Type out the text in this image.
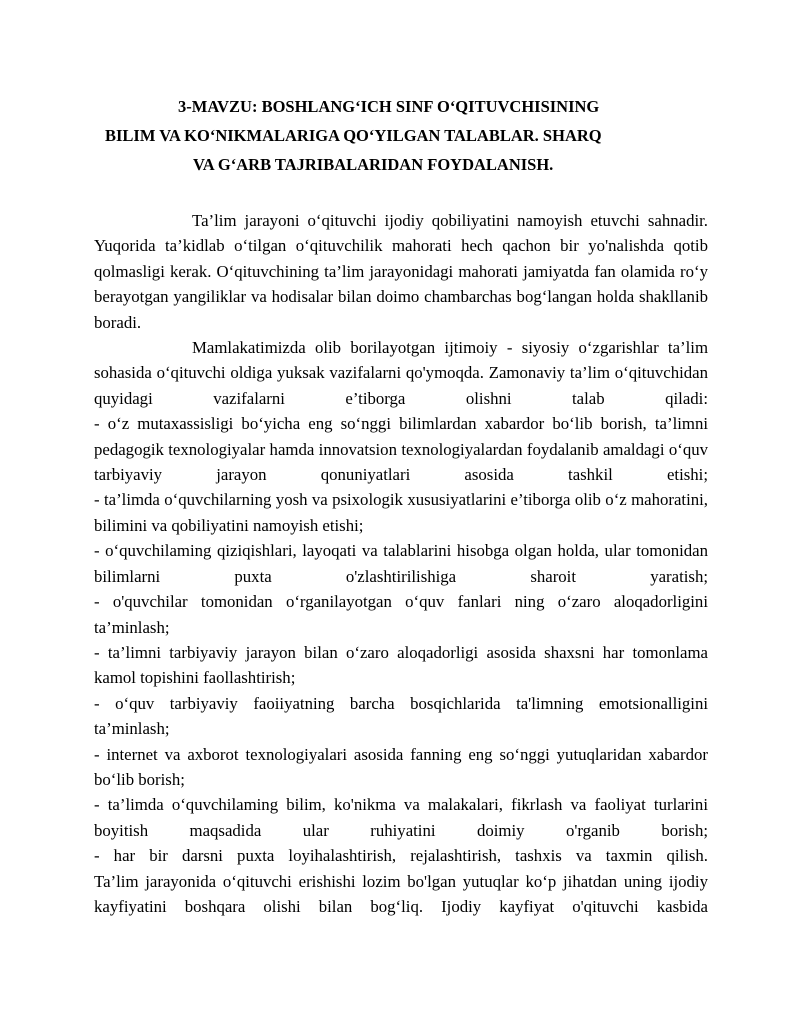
3-MAVZU: BOSHLANG‘ICH SINF O‘QITUVCHISINING
BILIM VA KO‘NIKMALARIGA QO‘YILGAN TALABLAR. SHARQ
VA G‘ARB TAJRIBALARIDAN FOYDALANISH.

Ta’lim jarayoni o‘qituvchi ijodiy qobiliyatini namoyish etuvchi sahnadir. Yuqorida ta’kidlab o‘tilgan o‘qituvchilik mahorati hech qachon bir yo'nalishda qotib qolmasligi kerak. O‘qituvchining ta’lim jarayonidagi mahorati jamiyatda fan olamida ro‘y berayotgan yangiliklar va hodisalar bilan doimo chambarchas bog‘langan holda shakllanib boradi.

Mamlakatimizda olib borilayotgan ijtimoiy - siyosiy o‘zgarishlar ta’lim sohasida o‘qituvchi oldiga yuksak vazifalarni qo'ymoqda. Zamonaviy ta’lim o‘qituvchidan quyidagi vazifalarni e’tiborga olishni talab qiladi:

- o‘z mutaxassisligi bo‘yicha eng so‘nggi bilimlardan xabardor bo‘lib borish, ta’limni pedagogik texnologiyalar hamda innovatsion texnologiyalardan foydalanib amaldagi o‘quv tarbiyaviy jarayon qonuniyatlari asosida tashkil etishi;

- ta’limda o‘quvchilarning yosh va psixologik xususiyatlarini e’tiborga olib o‘z mahoratini, bilimini va qobiliyatini namoyish etishi;

- o‘quvchilaming qiziqishlari, layoqati va talablarini hisobga olgan holda, ular tomonidan bilimlarni puxta o'zlashtirilishiga sharoit yaratish;

- o'quvchilar tomonidan o‘rganilayotgan o‘quv fanlari ning o‘zaro aloqadorligini ta’minlash;

- ta’limni tarbiyaviy jarayon bilan o‘zaro aloqadorligi asosida shaxsni har tomonlama kamol topishini faollashtirish;

- o‘quv tarbiyaviy faoiiyatning barcha bosqichlarida ta'limning emotsionalligini ta’minlash;

- internet va axborot texnologiyalari asosida fanning eng so‘nggi yutuqlaridan xabardor bo‘lib borish;

- ta’limda o‘quvchilaming bilim, ko'nikma va malakalari, fikrlash va faoliyat turlarini boyitish maqsadida ular ruhiyatini doimiy o'rganib borish;

- har bir darsni puxta loyihalashtirish, rejalashtirish, tashxis va taxmin qilish.

Ta’lim jarayonida o‘qituvchi erishishi lozim bo'lgan yutuqlar ko‘p jihatdan uning ijodiy kayfiyatini boshqara olishi bilan bog‘liq. Ijodiy kayfiyat o'qituvchi kasbida
